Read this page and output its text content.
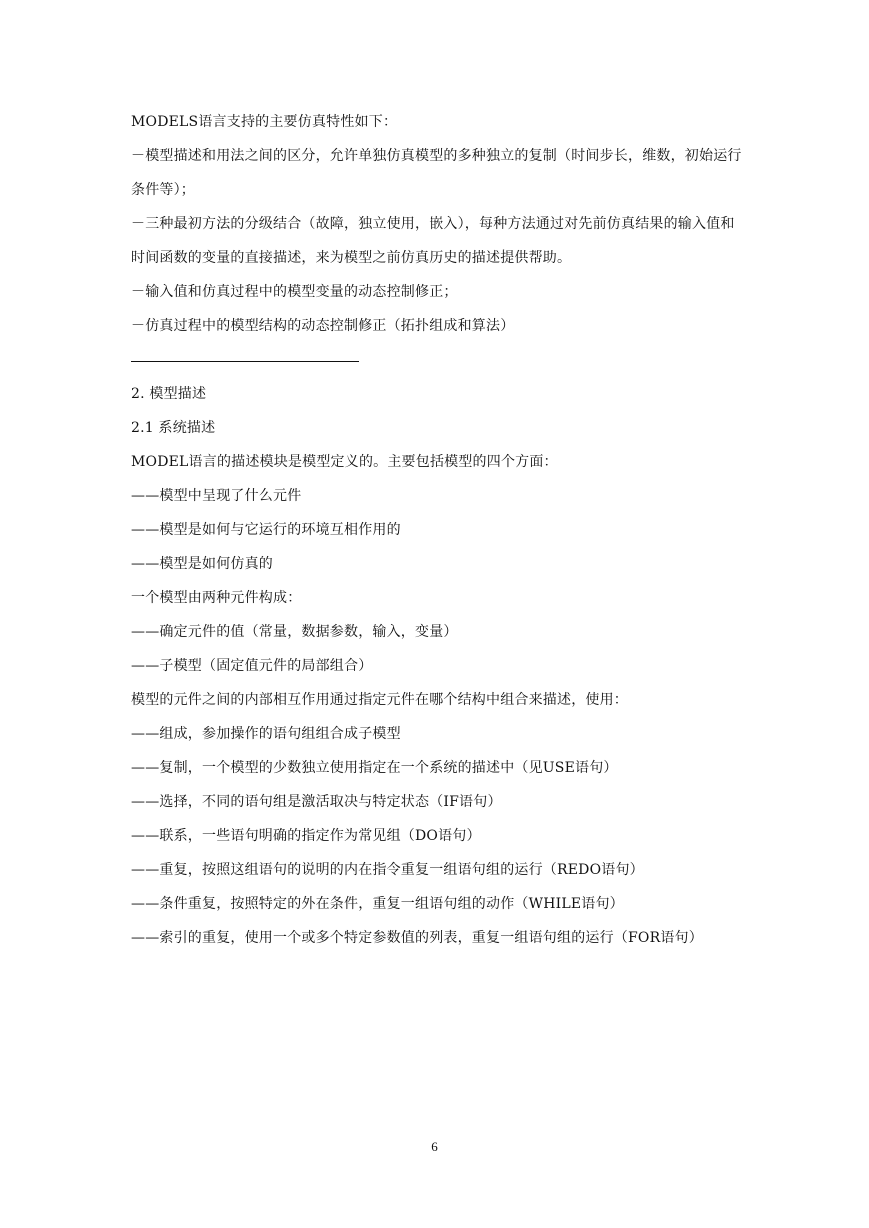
MODELS语言支持的主要仿真特性如下：
－模型描述和用法之间的区分，允许单独仿真模型的多种独立的复制（时间步长，维数，初始运行
条件等）；
－三种最初方法的分级结合（故障，独立使用，嵌入），每种方法通过对先前仿真结果的输入值和
时间函数的变量的直接描述，来为模型之前仿真历史的描述提供帮助。
－输入值和仿真过程中的模型变量的动态控制修正；
－仿真过程中的模型结构的动态控制修正（拓扑组成和算法）
2. 模型描述
2.1 系统描述
MODEL语言的描述模块是模型定义的。主要包括模型的四个方面：
——模型中呈现了什么元件
——模型是如何与它运行的环境互相作用的
——模型是如何仿真的
一个模型由两种元件构成：
——确定元件的值（常量，数据参数，输入，变量）
——子模型（固定值元件的局部组合）
模型的元件之间的内部相互作用通过指定元件在哪个结构中组合来描述，使用：
——组成，参加操作的语句组组合成子模型
——复制，一个模型的少数独立使用指定在一个系统的描述中（见USE语句）
——选择，不同的语句组是激活取决与特定状态（IF语句）
——联系，一些语句明确的指定作为常见组（DO语句）
——重复，按照这组语句的说明的内在指令重复一组语句组的运行（REDO语句）
——条件重复，按照特定的外在条件，重复一组语句组的动作（WHILE语句）
——索引的重复，使用一个或多个特定参数值的列表，重复一组语句组的运行（FOR语句）
6
